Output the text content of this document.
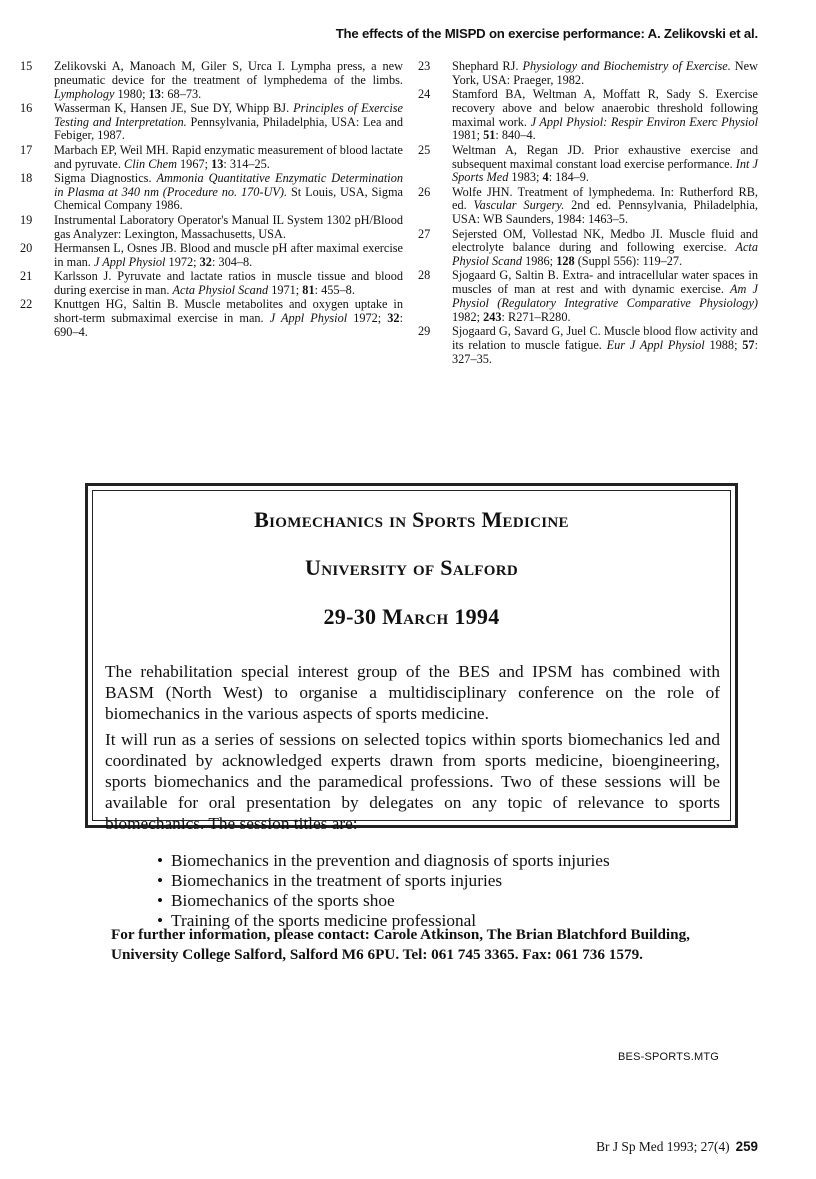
The effects of the MISPD on exercise performance: A. Zelikovski et al.
15	Zelikovski A, Manoach M, Giler S, Urca I. Lympha press, a new pneumatic device for the treatment of lymphedema of the limbs. Lymphology 1980; 13: 68–73.
16	Wasserman K, Hansen JE, Sue DY, Whipp BJ. Principles of Exercise Testing and Interpretation. Pennsylvania, Philadelphia, USA: Lea and Febiger, 1987.
17	Marbach EP, Weil MH. Rapid enzymatic measurement of blood lactate and pyruvate. Clin Chem 1967; 13: 314–25.
18	Sigma Diagnostics. Ammonia Quantitative Enzymatic Determination in Plasma at 340 nm (Procedure no. 170-UV). St Louis, USA, Sigma Chemical Company 1986.
19	Instrumental Laboratory Operator's Manual IL System 1302 pH/Blood gas Analyzer: Lexington, Massachusetts, USA.
20	Hermansen L, Osnes JB. Blood and muscle pH after maximal exercise in man. J Appl Physiol 1972; 32: 304–8.
21	Karlsson J. Pyruvate and lactate ratios in muscle tissue and blood during exercise in man. Acta Physiol Scand 1971; 81: 455–8.
22	Knuttgen HG, Saltin B. Muscle metabolites and oxygen uptake in short-term submaximal exercise in man. J Appl Physiol 1972; 32: 690–4.
23	Shephard RJ. Physiology and Biochemistry of Exercise. New York, USA: Praeger, 1982.
24	Stamford BA, Weltman A, Moffatt R, Sady S. Exercise recovery above and below anaerobic threshold following maximal work. J Appl Physiol: Respir Environ Exerc Physiol 1981; 51: 840–4.
25	Weltman A, Regan JD. Prior exhaustive exercise and subsequent maximal constant load exercise performance. Int J Sports Med 1983; 4: 184–9.
26	Wolfe JHN. Treatment of lymphedema. In: Rutherford RB, ed. Vascular Surgery. 2nd ed. Pennsylvania, Philadelphia, USA: WB Saunders, 1984: 1463–5.
27	Sejersted OM, Vollestad NK, Medbo JI. Muscle fluid and electrolyte balance during and following exercise. Acta Physiol Scand 1986; 128 (Suppl 556): 119–27.
28	Sjogaard G, Saltin B. Extra- and intracellular water spaces in muscles of man at rest and with dynamic exercise. Am J Physiol (Regulatory Integrative Comparative Physiology) 1982; 243: R271–R280.
29	Sjogaard G, Savard G, Juel C. Muscle blood flow activity and its relation to muscle fatigue. Eur J Appl Physiol 1988; 57: 327–35.
Biomechanics in Sports Medicine
University of Salford
29-30 March 1994
The rehabilitation special interest group of the BES and IPSM has combined with BASM (North West) to organise a multidisciplinary conference on the role of biomechanics in the various aspects of sports medicine.
It will run as a series of sessions on selected topics within sports biomechanics led and coordinated by acknowledged experts drawn from sports medicine, bioengineering, sports biomechanics and the paramedical professions. Two of these sessions will be available for oral presentation by delegates on any topic of relevance to sports biomechanics. The session titles are:
• Biomechanics in the prevention and diagnosis of sports injuries
• Biomechanics in the treatment of sports injuries
• Biomechanics of the sports shoe
• Training of the sports medicine professional
For further information, please contact: Carole Atkinson, The Brian Blatchford Building, University College Salford, Salford M6 6PU. Tel: 061 745 3365. Fax: 061 736 1579.
BES-SPORTS.MTG
Br J Sp Med 1993; 27(4) 259
